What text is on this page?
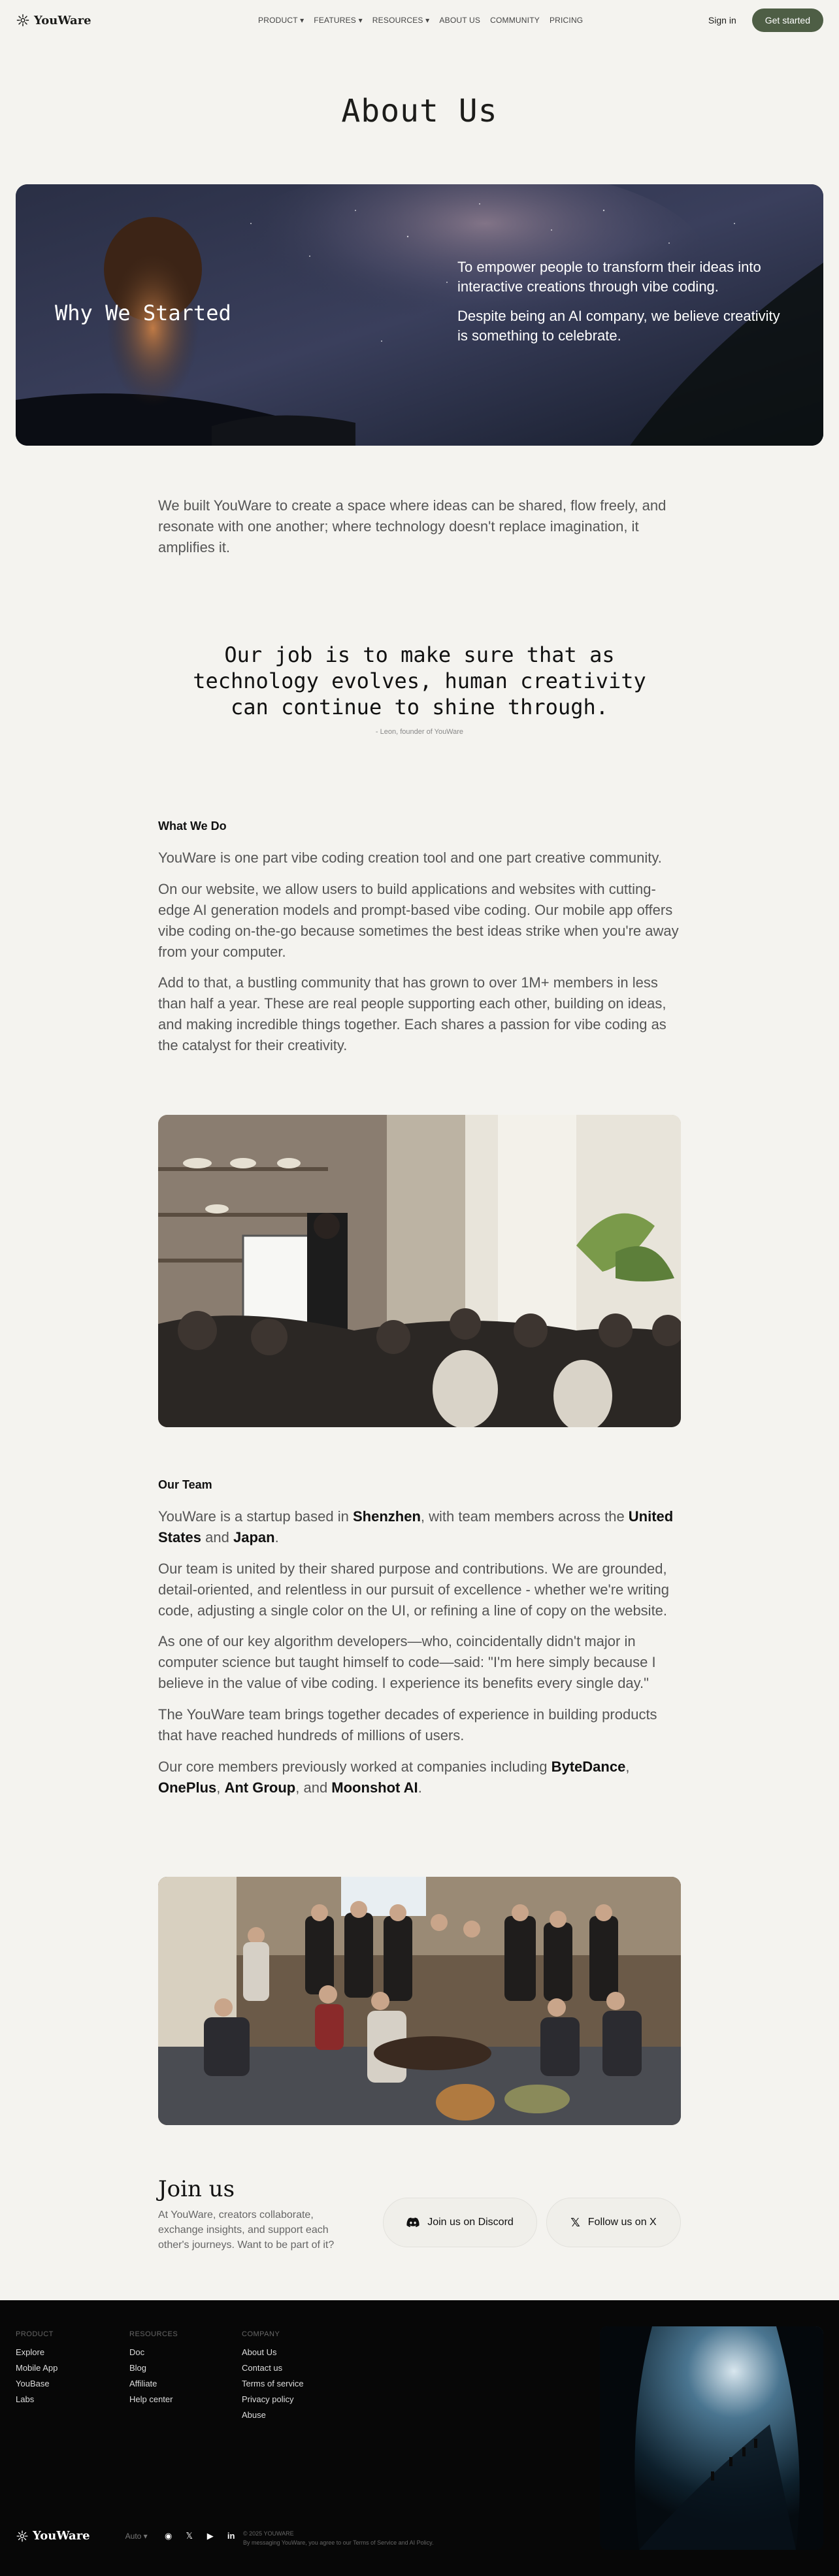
YouWare	PRODUCT ▾ FEATURES ▾ RESOURCES ▾ ABOUT US COMMUNITY PRICING	Sign in	Get started
About Us
Why We Started

To empower people to transform their ideas into interactive creations through vibe coding.

Despite being an AI company, we believe creativity is something to celebrate.

We built YouWare to create a space where ideas can be shared, flow freely, and resonate with one another; where technology doesn't replace imagination, it amplifies it.

Our job is to make sure that as technology evolves, human creativity can continue to shine through.
- Leon, founder of YouWare
What We Do

YouWare is one part vibe coding creation tool and one part creative community.

On our website, we allow users to build applications and websites with cutting-edge AI generation models and prompt-based vibe coding. Our mobile app offers vibe coding on-the-go because sometimes the best ideas strike when you're away from your computer.

Add to that, a bustling community that has grown to over 1M+ members in less than half a year. These are real people supporting each other, building on ideas, and making incredible things together. Each shares a passion for vibe coding as the catalyst for their creativity.

Our Team

YouWare is a startup based in Shenzhen, with team members across the United States and Japan.

Our team is united by their shared purpose and contributions. We are grounded, detail-oriented, and relentless in our pursuit of excellence - whether we're writing code, adjusting a single color on the UI, or refining a line of copy on the website.

As one of our key algorithm developers—who, coincidentally didn't major in computer science but taught himself to code—said: "I'm here simply because I believe in the value of vibe coding. I experience its benefits every single day."

The YouWare team brings together decades of experience in building products that have reached hundreds of millions of users.

Our core members previously worked at companies including ByteDance, OnePlus, Ant Group, and Moonshot AI.

Join us
At YouWare, creators collaborate, exchange insights, and support each other's journeys. Want to be part of it?
Join us on Discord	𝕏 Follow us on X
PRODUCT
Explore
Mobile App
YouBase
Labs
RESOURCES
Doc
Blog
Affiliate
Help center
COMPANY
About Us
Contact us
Terms of service
Privacy policy
Abuse
YouWare	Auto ▾ ◉ 𝕏 ▶ in © 2025 YOUWARE
By messaging YouWare, you agree to our Terms of Service and AI Policy.
